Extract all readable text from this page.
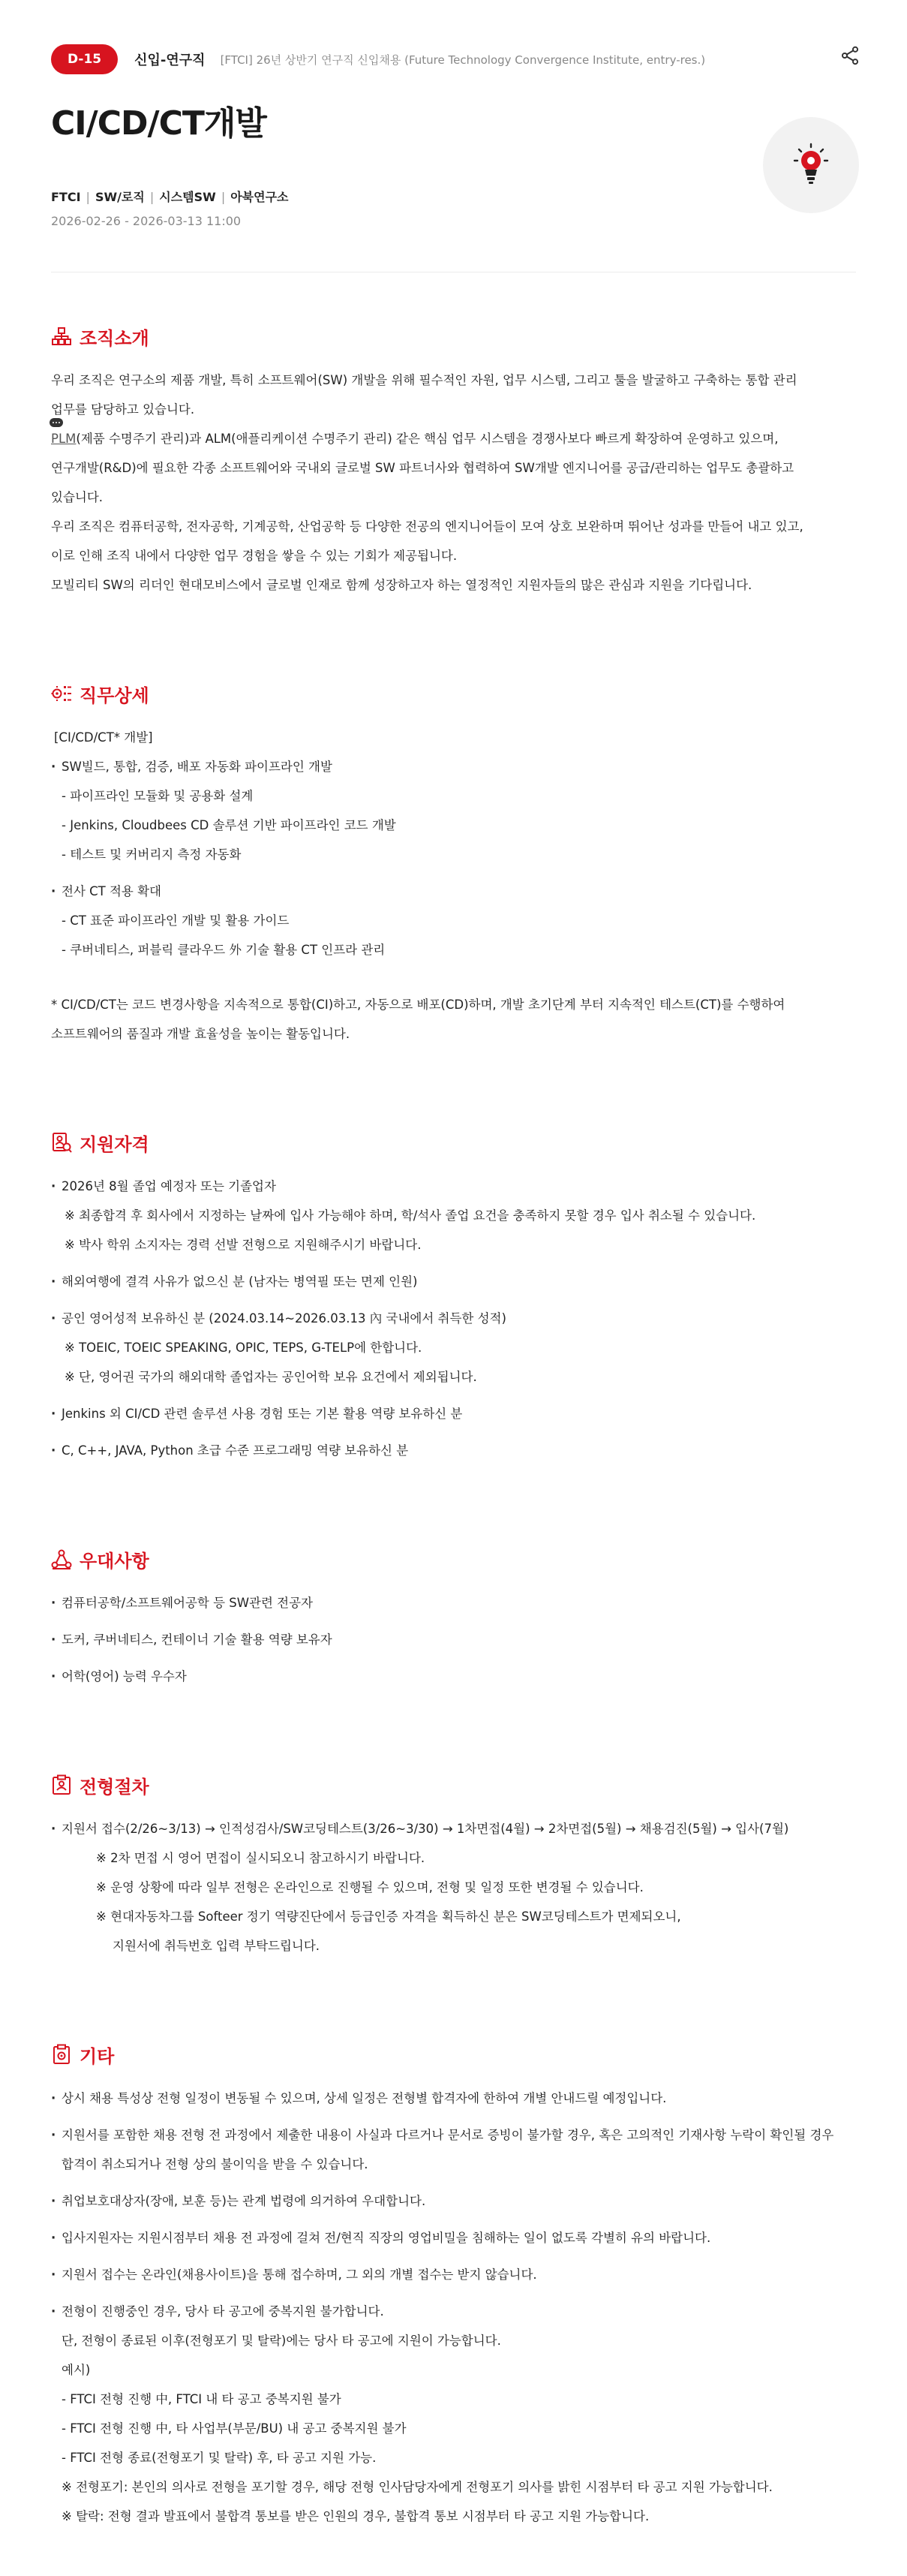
D-15	신입-연구직 [FTCI] 26년 상반기 연구직 신입채용 (Future Technology Convergence Institute, entry-res.)
CI/CD/CT개발
FTCI | SW/로직 | 시스템SW | 아북연구소
2026-02-26 - 2026-03-13 11:00
조직소개

우리 조직은 연구소의 제품 개발, 특히 소프트웨어(SW) 개발을 위해 필수적인 자원, 업무 시스템, 그리고 툴을 발굴하고 구축하는 통합 관리

업무를 담당하고 있습니다.

PLM(제품 수명주기 관리)과 ALM(애플리케이션 수명주기 관리) 같은 핵심 업무 시스템을 경쟁사보다 빠르게 확장하여 운영하고 있으며,

연구개발(R&D)에 필요한 각종 소프트웨어와 국내외 글로벌 SW 파트너사와 협력하여 SW개발 엔지니어를 공급/관리하는 업무도 총괄하고

있습니다.

우리 조직은 컴퓨터공학, 전자공학, 기계공학, 산업공학 등 다양한 전공의 엔지니어들이 모여 상호 보완하며 뛰어난 성과를 만들어 내고 있고,

이로 인해 조직 내에서 다양한 업무 경험을 쌓을 수 있는 기회가 제공됩니다.

모빌리티 SW의 리더인 현대모비스에서 글로벌 인재로 함께 성장하고자 하는 열정적인 지원자들의 많은 관심과 지원을 기다립니다.

직무상세
[CI/CD/CT* 개발]
· SW빌드, 통합, 검증, 배포 자동화 파이프라인 개발
- 파이프라인 모듈화 및 공용화 설계
- Jenkins, Cloudbees CD 솔루션 기반 파이프라인 코드 개발
- 테스트 및 커버리지 측정 자동화
· 전사 CT 적용 확대
- CT 표준 파이프라인 개발 및 활용 가이드
- 쿠버네티스, 퍼블릭 클라우드 外 기술 활용 CT 인프라 관리
* CI/CD/CT는 코드 변경사항을 지속적으로 통합(CI)하고, 자동으로 배포(CD)하며, 개발 초기단계 부터 지속적인 테스트(CT)를 수행하여
소프트웨어의 품질과 개발 효율성을 높이는 활동입니다.
지원자격
· 2026년 8월 졸업 예정자 또는 기졸업자
※ 최종합격 후 회사에서 지정하는 날짜에 입사 가능해야 하며, 학/석사 졸업 요건을 충족하지 못할 경우 입사 취소될 수 있습니다.
※ 박사 학위 소지자는 경력 선발 전형으로 지원해주시기 바랍니다.
· 해외여행에 결격 사유가 없으신 분 (남자는 병역필 또는 면제 인원)
· 공인 영어성적 보유하신 분 (2024.03.14~2026.03.13 內 국내에서 취득한 성적)
※ TOEIC, TOEIC SPEAKING, OPIC, TEPS, G-TELP에 한합니다.
※ 단, 영어권 국가의 해외대학 졸업자는 공인어학 보유 요건에서 제외됩니다.
· Jenkins 외 CI/CD 관련 솔루션 사용 경험 또는 기본 활용 역량 보유하신 분
· C, C++, JAVA, Python 초급 수준 프로그래밍 역량 보유하신 분
우대사항
· 컴퓨터공학/소프트웨어공학 등 SW관련 전공자
· 도커, 쿠버네티스, 컨테이너 기술 활용 역량 보유자
· 어학(영어) 능력 우수자
전형절차
· 지원서 접수(2/26~3/13) → 인적성검사/SW코딩테스트(3/26~3/30) → 1차면접(4월) → 2차면접(5월) → 채용검진(5월) → 입사(7월)
※ 2차 면접 시 영어 면접이 실시되오니 참고하시기 바랍니다.
※ 운영 상황에 따라 일부 전형은 온라인으로 진행될 수 있으며, 전형 및 일정 또한 변경될 수 있습니다.
※ 현대자동차그룹 Softeer 정기 역량진단에서 등급인증 자격을 획득하신 분은 SW코딩테스트가 면제되오니,
지원서에 취득번호 입력 부탁드립니다.
기타
· 상시 채용 특성상 전형 일정이 변동될 수 있으며, 상세 일정은 전형별 합격자에 한하여 개별 안내드릴 예정입니다.
· 지원서를 포함한 채용 전형 전 과정에서 제출한 내용이 사실과 다르거나 문서로 증빙이 불가할 경우, 혹은 고의적인 기재사항 누락이 확인될 경우
합격이 취소되거나 전형 상의 불이익을 받을 수 있습니다.
· 취업보호대상자(장애, 보훈 등)는 관계 법령에 의거하여 우대합니다.
· 입사지원자는 지원시점부터 채용 전 과정에 걸쳐 전/현직 직장의 영업비밀을 침해하는 일이 없도록 각별히 유의 바랍니다.
· 지원서 접수는 온라인(채용사이트)을 통해 접수하며, 그 외의 개별 접수는 받지 않습니다.
· 전형이 진행중인 경우, 당사 타 공고에 중복지원 불가합니다.
단, 전형이 종료된 이후(전형포기 및 탈락)에는 당사 타 공고에 지원이 가능합니다.
예시)
- FTCI 전형 진행 中, FTCI 내 타 공고 중복지원 불가
- FTCI 전형 진행 中, 타 사업부(부문/BU) 내 공고 중복지원 불가
- FTCI 전형 종료(전형포기 및 탈락) 후, 타 공고 지원 가능.
※ 전형포기: 본인의 의사로 전형을 포기할 경우, 해당 전형 인사담당자에게 전형포기 의사를 밝힌 시점부터 타 공고 지원 가능합니다.
※ 탈락: 전형 결과 발표에서 불합격 통보를 받은 인원의 경우, 불합격 통보 시점부터 타 공고 지원 가능합니다.
